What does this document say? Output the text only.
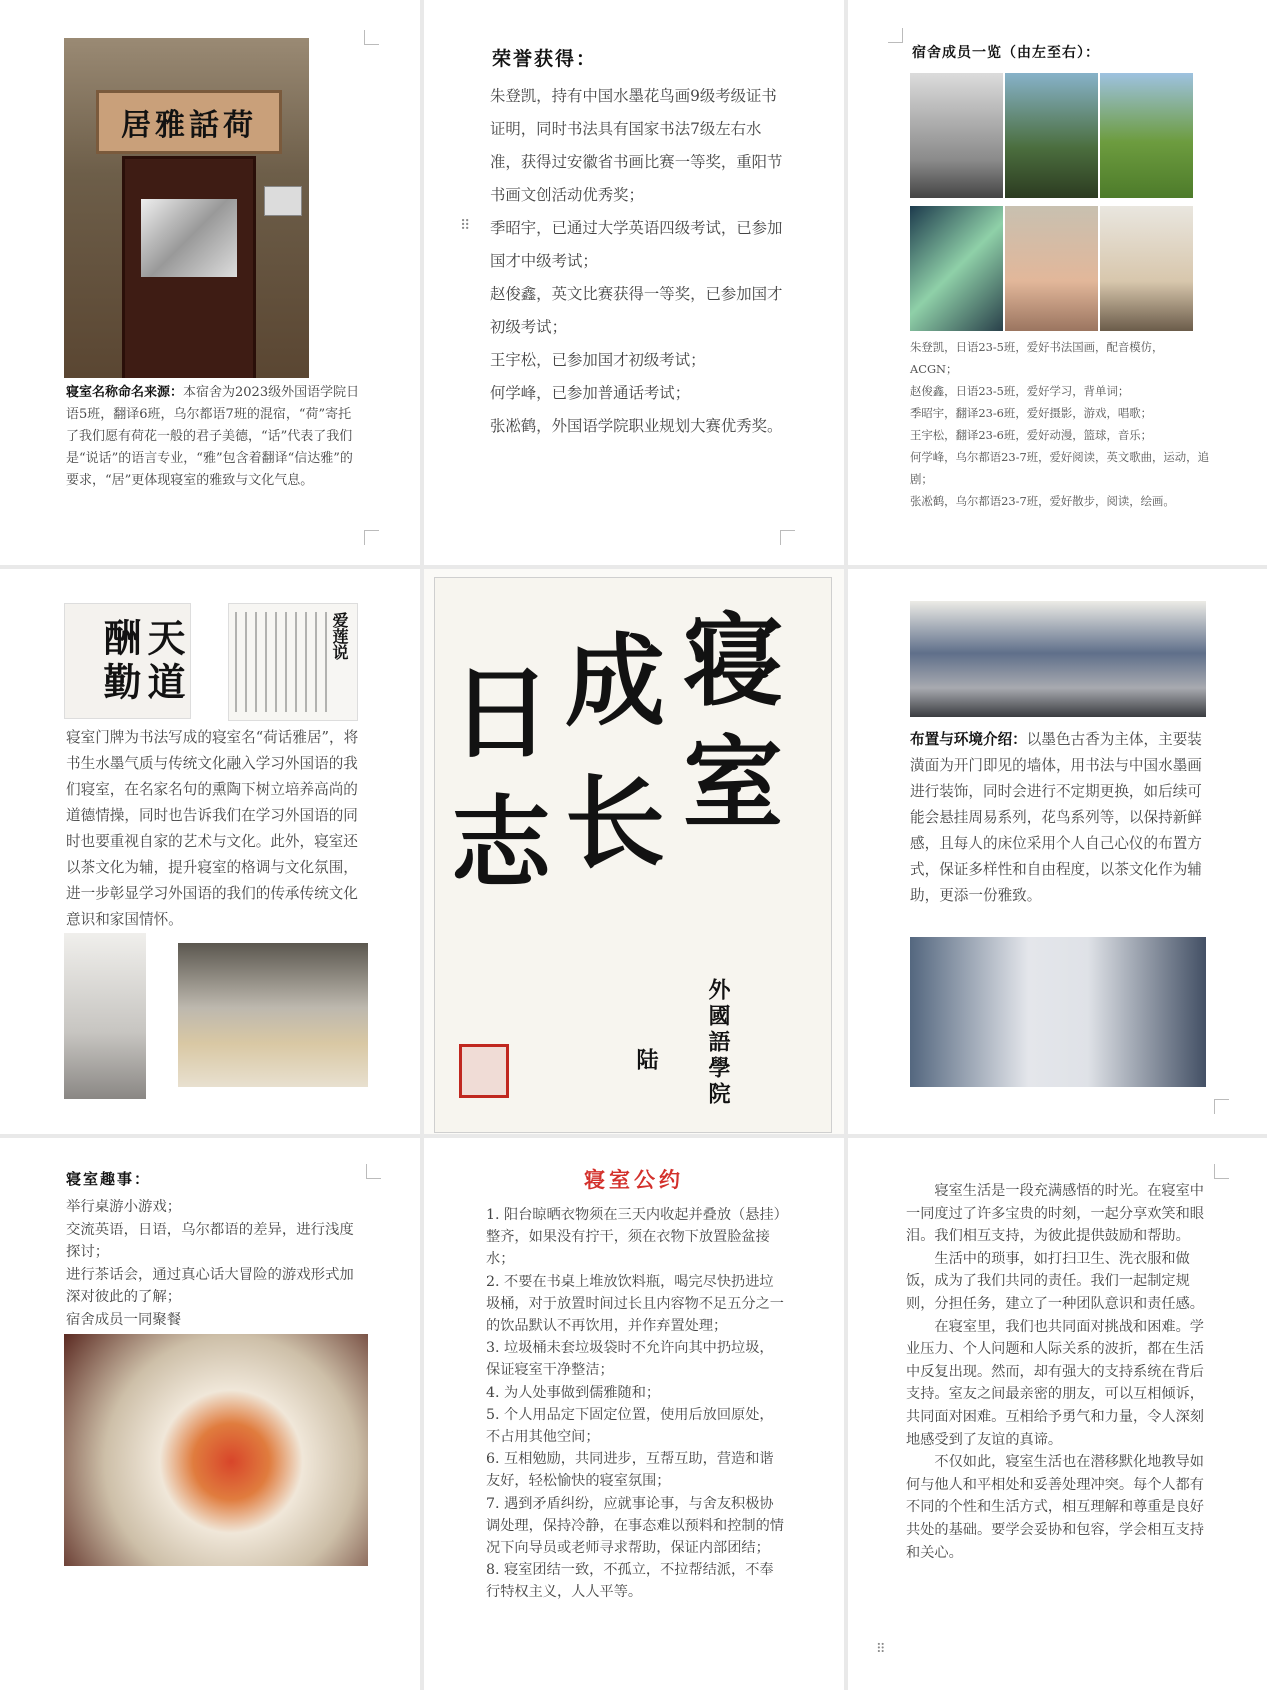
居雅話荷
寝室名称命名来源：本宿舍为2023级外国语学院日语5班，翻译6班，乌尔都语7班的混宿，“荷”寄托了我们愿有荷花一般的君子美德，“话”代表了我们是“说话”的语言专业，“雅”包含着翻译“信达雅”的要求，“居”更体现寝室的雅致与文化气息。
荣誉获得：
朱登凯，持有中国水墨花鸟画9级考级证书证明，同时书法具有国家书法7级左右水准，获得过安徽省书画比赛一等奖，重阳节书画文创活动优秀奖；
季昭宇，已通过大学英语四级考试，已参加国才中级考试；
赵俊鑫，英文比赛获得一等奖，已参加国才初级考试；
王宇松，已参加国才初级考试；
何学峰，已参加普通话考试；
张凇鹤，外国语学院职业规划大赛优秀奖。
⠿
宿舍成员一览（由左至右）：
朱登凯，日语23-5班，爱好书法国画，配音模仿，ACGN；
赵俊鑫，日语23-5班，爱好学习，背单词；
季昭宇，翻译23-6班，爱好摄影，游戏，唱歌；
王宇松，翻译23-6班，爱好动漫，篮球，音乐；
何学峰，乌尔都语23-7班，爱好阅读，英文歌曲，运动，追剧；
张凇鹤，乌尔都语23-7班，爱好散步，阅读，绘画。
天道酬勤	爱莲说
寝室门牌为书法写成的寝室名“荷话雅居”，将书生水墨气质与传统文化融入学习外国语的我们寝室，在名家名句的熏陶下树立培养高尚的道德情操，同时也告诉我们在学习外国语的同时也要重视自家的艺术与文化。此外，寝室还以茶文化为辅，提升寝室的格调与文化氛围，进一步彰显学习外国语的我们的传承传统文化意识和家国情怀。
寝
室
成
长
日
志
外國語學院
陆
布置与环境介绍：以墨色古香为主体，主要装潢面为开门即见的墙体，用书法与中国水墨画进行装饰，同时会进行不定期更换，如后续可能会悬挂周易系列，花鸟系列等，以保持新鲜感，且每人的床位采用个人自己心仪的布置方式，保证多样性和自由程度，以茶文化作为辅助，更添一份雅致。
寝室趣事：
举行桌游小游戏；
交流英语，日语，乌尔都语的差异，进行浅度探讨；
进行茶话会，通过真心话大冒险的游戏形式加深对彼此的了解；
宿舍成员一同聚餐
寝室公约
1. 阳台晾晒衣物须在三天内收起并叠放（悬挂）整齐，如果没有拧干，须在衣物下放置脸盆接水；
2. 不要在书桌上堆放饮料瓶，喝完尽快扔进垃圾桶，对于放置时间过长且内容物不足五分之一的饮品默认不再饮用，并作弃置处理；
3. 垃圾桶未套垃圾袋时不允许向其中扔垃圾，保证寝室干净整洁；
4. 为人处事做到儒雅随和；
5. 个人用品定下固定位置，使用后放回原处，不占用其他空间；
6. 互相勉励，共同进步，互帮互助，营造和谐友好，轻松愉快的寝室氛围；
7. 遇到矛盾纠纷，应就事论事，与舍友积极协调处理，保持冷静，在事态难以预料和控制的情况下向导员或老师寻求帮助，保证内部团结；
8. 寝室团结一致，不孤立，不拉帮结派，不奉行特权主义，人人平等。
寝室生活是一段充满感悟的时光。在寝室中一同度过了许多宝贵的时刻，一起分享欢笑和眼泪。我们相互支持，为彼此提供鼓励和帮助。
生活中的琐事，如打扫卫生、洗衣服和做饭，成为了我们共同的责任。我们一起制定规则，分担任务，建立了一种团队意识和责任感。
在寝室里，我们也共同面对挑战和困难。学业压力、个人问题和人际关系的波折，都在生活中反复出现。然而，却有强大的支持系统在背后支持。室友之间最亲密的朋友，可以互相倾诉，共同面对困难。互相给予勇气和力量，令人深刻地感受到了友谊的真谛。
不仅如此，寝室生活也在潜移默化地教导如何与他人和平相处和妥善处理冲突。每个人都有不同的个性和生活方式，相互理解和尊重是良好共处的基础。要学会妥协和包容，学会相互支持和关心。
⠿
